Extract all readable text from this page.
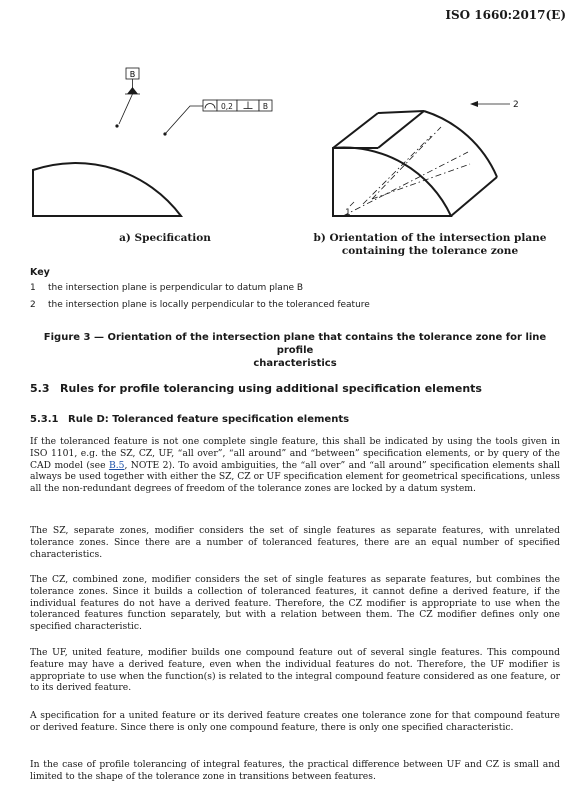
ISO 1660:2017(E)
B
0,2	B
1
2
a) Specification	b) Orientation of the intersection plane
containing the tolerance zone
Key
1 the intersection plane is perpendicular to datum plane B
2 the intersection plane is locally perpendicular to the toleranced feature
Figure 3 — Orientation of the intersection plane that contains the tolerance zone for line profile
characteristics
5.3 Rules for profile tolerancing using additional specification elements
5.3.1 Rule D: Toleranced feature specification elements

If the toleranced feature is not one complete single feature, this shall be indicated by using the tools given in ISO 1101, e.g. the SZ, CZ, UF, “all over”, “all around” and “between” specification elements, or by query of the CAD model (see B.5, NOTE 2). To avoid ambiguities, the “all over” and “all around” specification elements shall always be used together with either the SZ, CZ or UF specification element for geometrical specifications, unless all the non-redundant degrees of freedom of the tolerance zones are locked by a datum system.

The SZ, separate zones, modifier considers the set of single features as separate features, with unrelated tolerance zones. Since there are a number of toleranced features, there are an equal number of specified characteristics.

The CZ, combined zone, modifier considers the set of single features as separate features, but combines the tolerance zones. Since it builds a collection of toleranced features, it cannot define a derived feature, if the individual features do not have a derived feature. Therefore, the CZ modifier is appropriate to use when the toleranced features function separately, but with a relation between them. The CZ modifier defines only one specified characteristic.

The UF, united feature, modifier builds one compound feature out of several single features. This compound feature may have a derived feature, even when the individual features do not. Therefore, the UF modifier is appropriate to use when the function(s) is related to the integral compound feature considered as one feature, or to its derived feature.

A specification for a united feature or its derived feature creates one tolerance zone for that compound feature or derived feature. Since there is only one compound feature, there is only one specified characteristic.

In the case of profile tolerancing of integral features, the practical difference between UF and CZ is small and limited to the shape of the tolerance zone in transitions between features.
